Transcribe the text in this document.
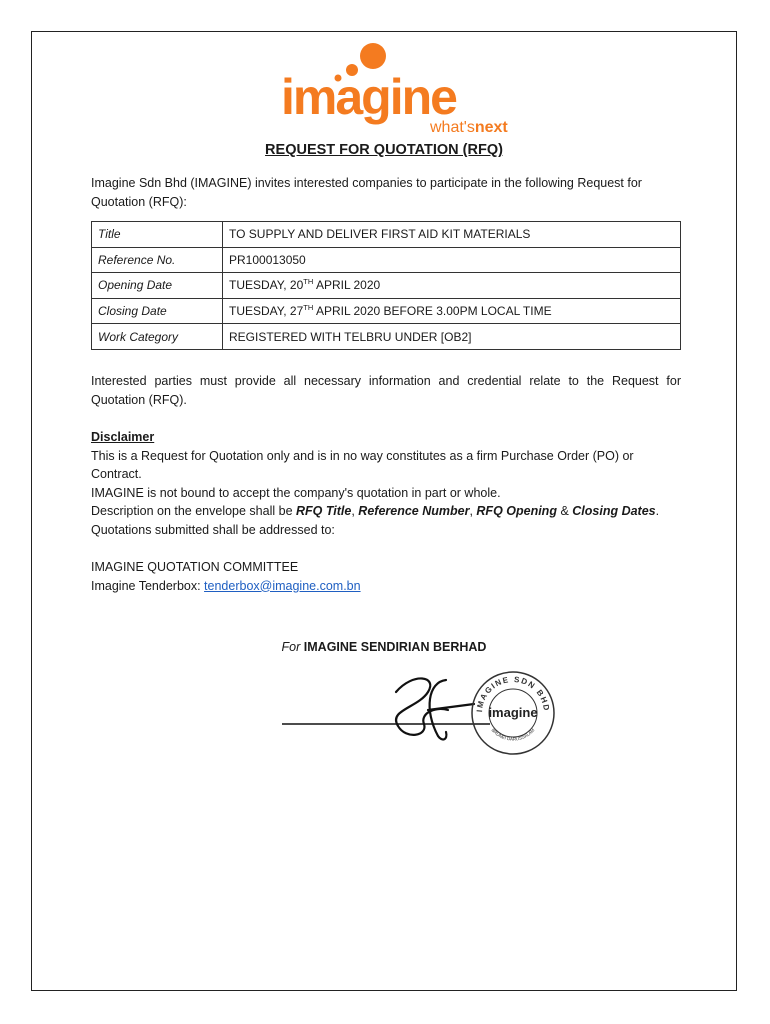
imagine
what'snext
REQUEST FOR QUOTATION (RFQ)
Imagine Sdn Bhd (IMAGINE) invites interested companies to participate in the following Request for Quotation (RFQ):
Title	TO SUPPLY AND DELIVER FIRST AID KIT MATERIALS
Reference No.	PR100013050
Opening Date	TUESDAY, 20TH APRIL 2020
Closing Date	TUESDAY, 27TH APRIL 2020 BEFORE 3.00PM LOCAL TIME
Work Category	REGISTERED WITH TELBRU UNDER [OB2]
Interested parties must provide all necessary information and credential relate to the Request for Quotation (RFQ).
Disclaimer
This is a Request for Quotation only and is in no way constitutes as a firm Purchase Order (PO) or Contract.
IMAGINE is not bound to accept the company's quotation in part or whole.
Description on the envelope shall be RFQ Title, Reference Number, RFQ Opening & Closing Dates.
Quotations submitted shall be addressed to:
IMAGINE QUOTATION COMMITTEE
Imagine Tenderbox: tenderbox@imagine.com.bn
For IMAGINE SENDIRIAN BERHAD
IMAGINE SDN BHD
BRUNEI DARUSSALAM
imagine
